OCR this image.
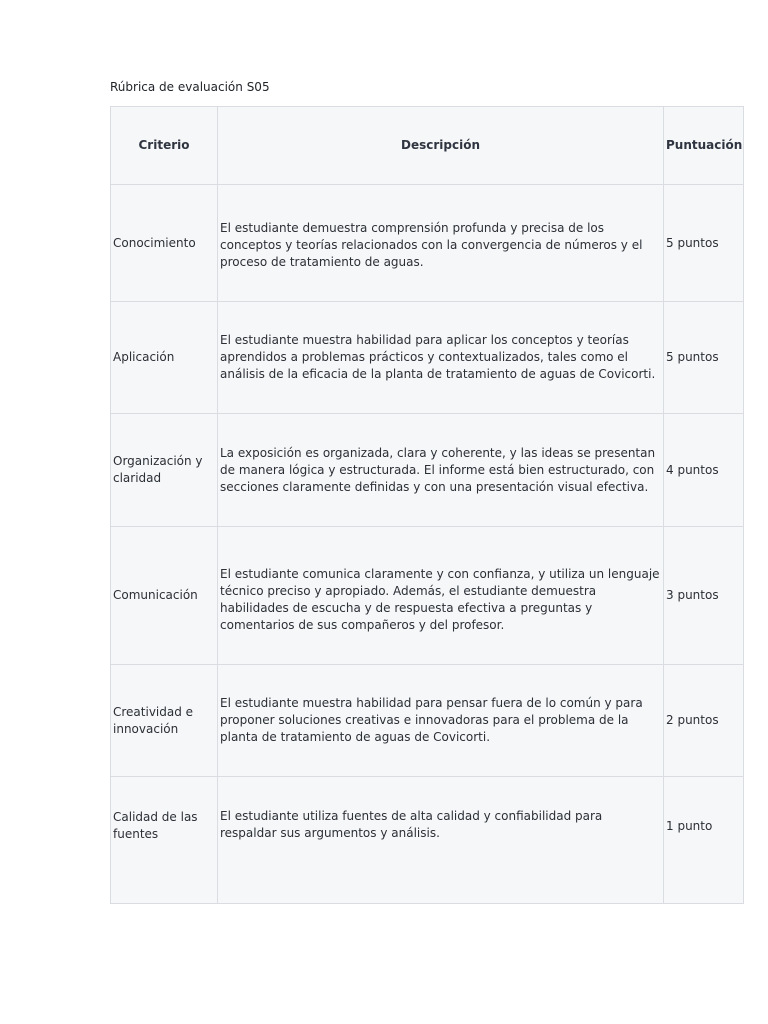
Rúbrica de evaluación S05
Criterio	Descripción	Puntuación
Conocimiento	El estudiante demuestra comprensión profunda y precisa de los conceptos y teorías relacionados con la convergencia de números y el proceso de tratamiento de aguas.	5 puntos
Aplicación	El estudiante muestra habilidad para aplicar los conceptos y teorías aprendidos a problemas prácticos y contextualizados, tales como el análisis de la eficacia de la planta de tratamiento de aguas de Covicorti.	5 puntos
Organización y claridad	La exposición es organizada, clara y coherente, y las ideas se presentan de manera lógica y estructurada. El informe está bien estructurado, con secciones claramente definidas y con una presentación visual efectiva.	4 puntos
Comunicación	El estudiante comunica claramente y con confianza, y utiliza un lenguaje técnico preciso y apropiado. Además, el estudiante demuestra habilidades de escucha y de respuesta efectiva a preguntas y comentarios de sus compañeros y del profesor.	3 puntos
Creatividad e innovación	El estudiante muestra habilidad para pensar fuera de lo común y para proponer soluciones creativas e innovadoras para el problema de la planta de tratamiento de aguas de Covicorti.	2 puntos
Calidad de las fuentes	El estudiante utiliza fuentes de alta calidad y confiabilidad para respaldar sus argumentos y análisis.	1 punto
